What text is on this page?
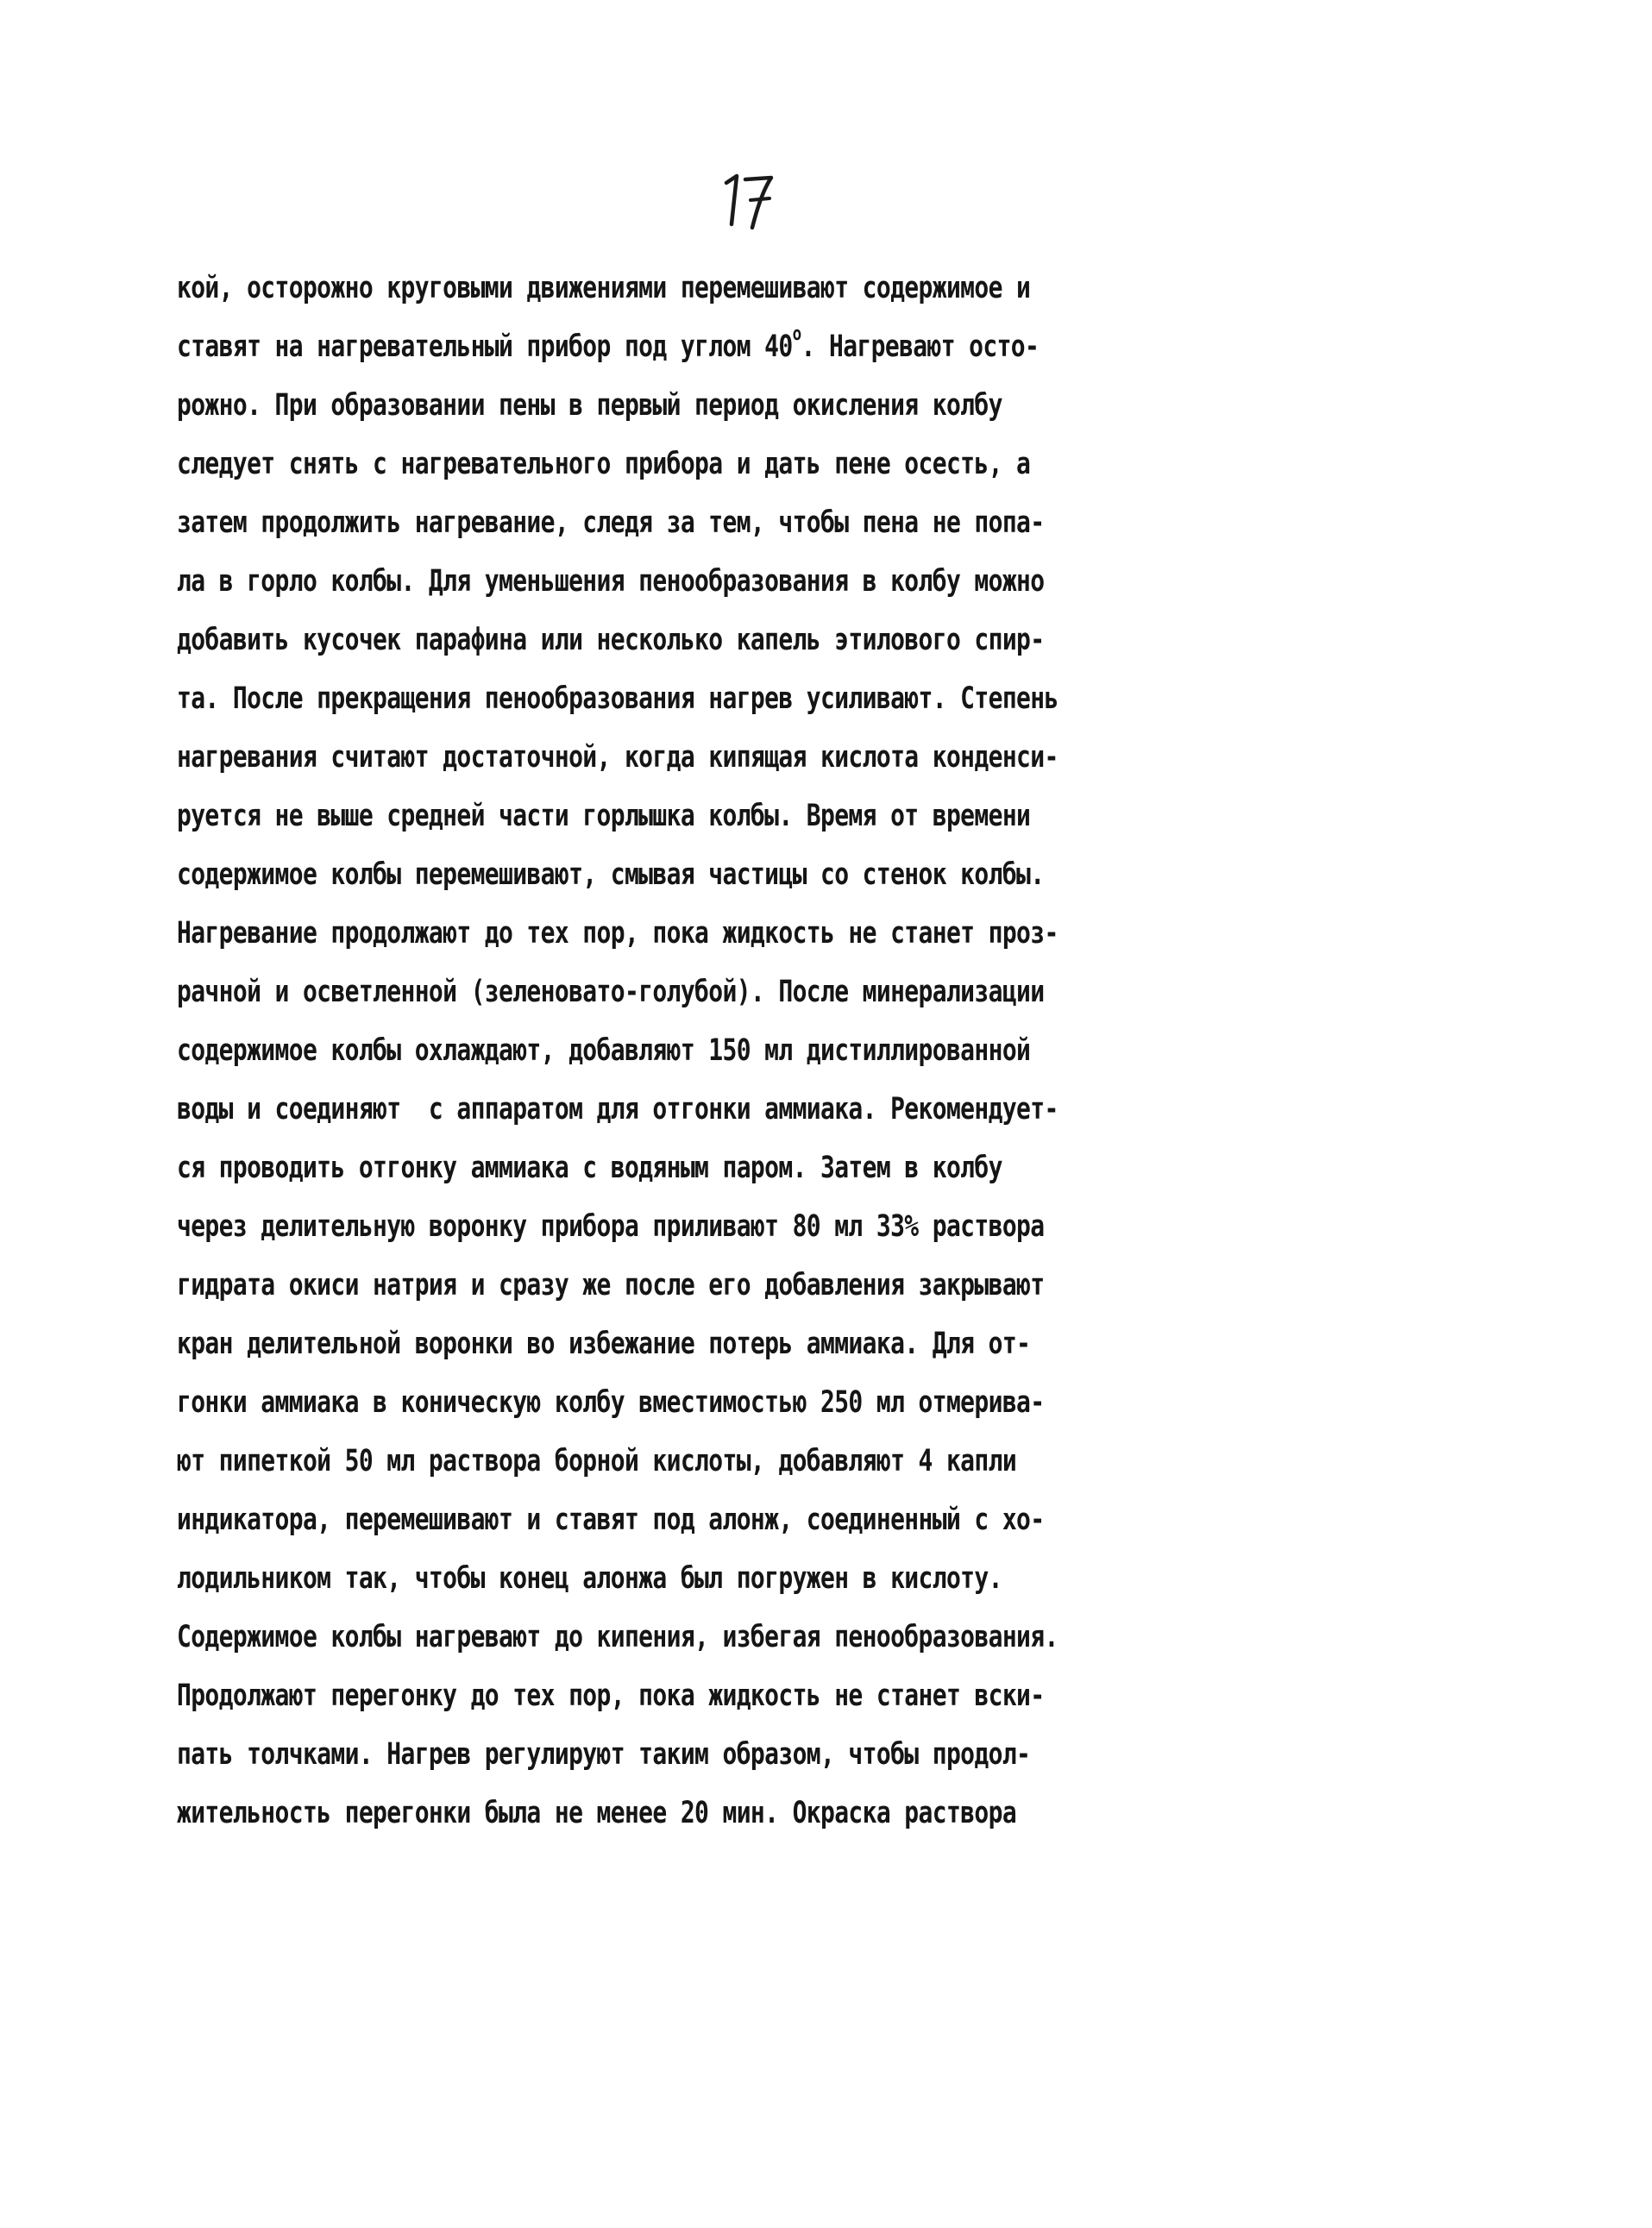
кой, осторожно круговыми движениями перемешивают содержимое и
ставят на нагревательный прибор под углом $40^о$. Нагревают осто-
рожно. При образовании пены в первый период окисления колбу
следует снять с нагревательного прибора и дать пене осесть, а
затем продолжить нагревание, следя за тем, чтобы пена не попа-
ла в горло колбы. Для уменьшения пенообразования в колбу можно
добавить кусочек парафина или несколько капель этилового спир-
та. После прекращения пенообразования нагрев усиливают. Степень
нагревания считают достаточной, когда кипящая кислота конденси-
руется не выше средней части горлышка колбы. Время от времени
содержимое колбы перемешивают, смывая частицы со стенок колбы.
Нагревание продолжают до тех пор, пока жидкость не станет проз-
рачной и осветленной (зеленовато-голубой). После минерализации
содержимое колбы охлаждают, добавляют 150 мл дистиллированной
воды и соединяют  с аппаратом для отгонки аммиака. Рекомендует-
ся проводить отгонку аммиака с водяным паром. Затем в колбу
через делительную воронку прибора приливают 80 мл 33% раствора
гидрата окиси натрия и сразу же после его добавления закрывают
кран делительной воронки во избежание потерь аммиака. Для от-
гонки аммиака в коническую колбу вместимостью 250 мл отмерива-
ют пипеткой 50 мл раствора борной кислоты, добавляют 4 капли
индикатора, перемешивают и ставят под алонж, соединенный с хо-
лодильником так, чтобы конец алонжа был погружен в кислоту.
Содержимое колбы нагревают до кипения, избегая пенообразования.
Продолжают перегонку до тех пор, пока жидкость не станет вски-
пать толчками. Нагрев регулируют таким образом, чтобы продол-
жительность перегонки была не менее 20 мин. Окраска раствора
